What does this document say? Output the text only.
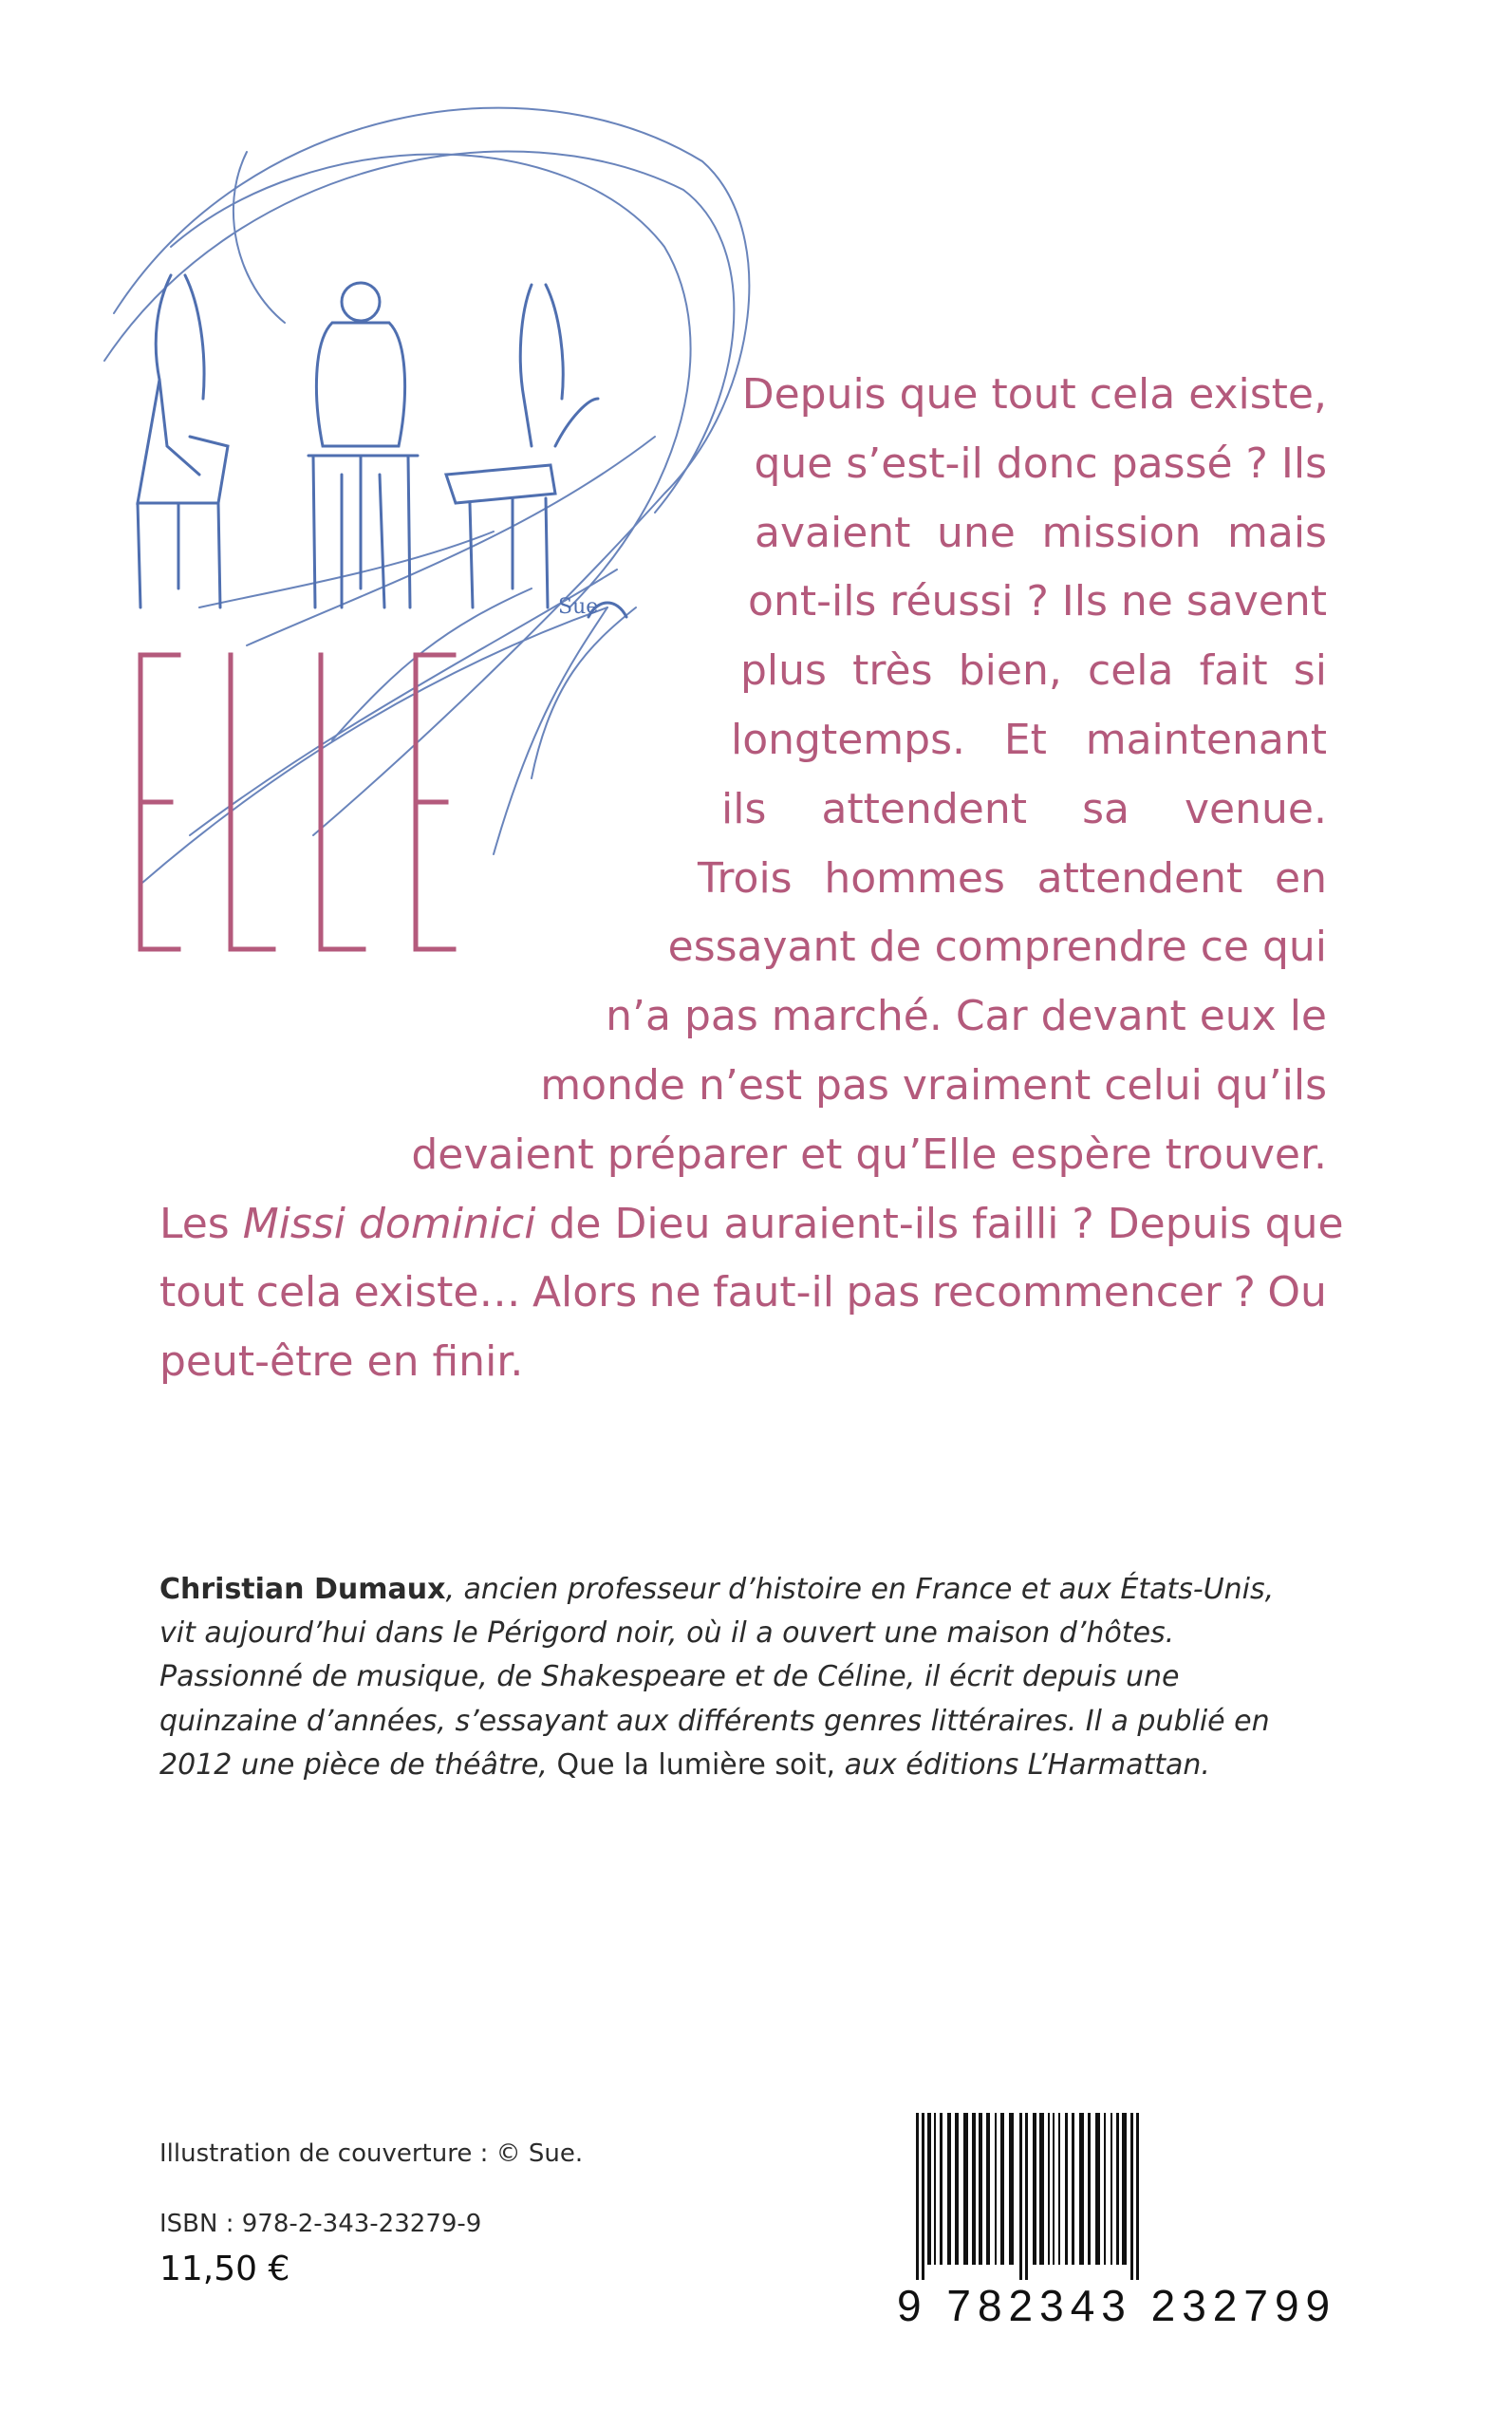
Sue
Depuis que tout cela existe,
que s’est-il donc passé ? Ils
avaient une mission mais
ont-ils réussi ? Ils ne savent
plus très bien, cela fait si
longtemps. Et maintenant
ils attendent sa venue.
Trois hommes attendent en
essayant de comprendre ce qui
n’a pas marché. Car devant eux le
monde n’est pas vraiment celui qu’ils
devaient préparer et qu’Elle espère trouver.
Les Missi dominici de Dieu auraient-ils failli ? Depuis que
tout cela existe… Alors ne faut-il pas recommencer ? Ou
peut-être en finir.
Christian Dumaux, ancien professeur d’histoire en France et aux États-Unis,
vit aujourd’hui dans le Périgord noir, où il a ouvert une maison d’hôtes.
Passionné de musique, de Shakespeare et de Céline, il écrit depuis une
quinzaine d’années, s’essayant aux différents genres littéraires. Il a publié en
2012 une pièce de théâtre, Que la lumière soit, aux éditions L’Harmattan.

Illustration de couverture : © Sue.

ISBN : 978-2-343-23279-9

11,50 €

9 782343 232799
